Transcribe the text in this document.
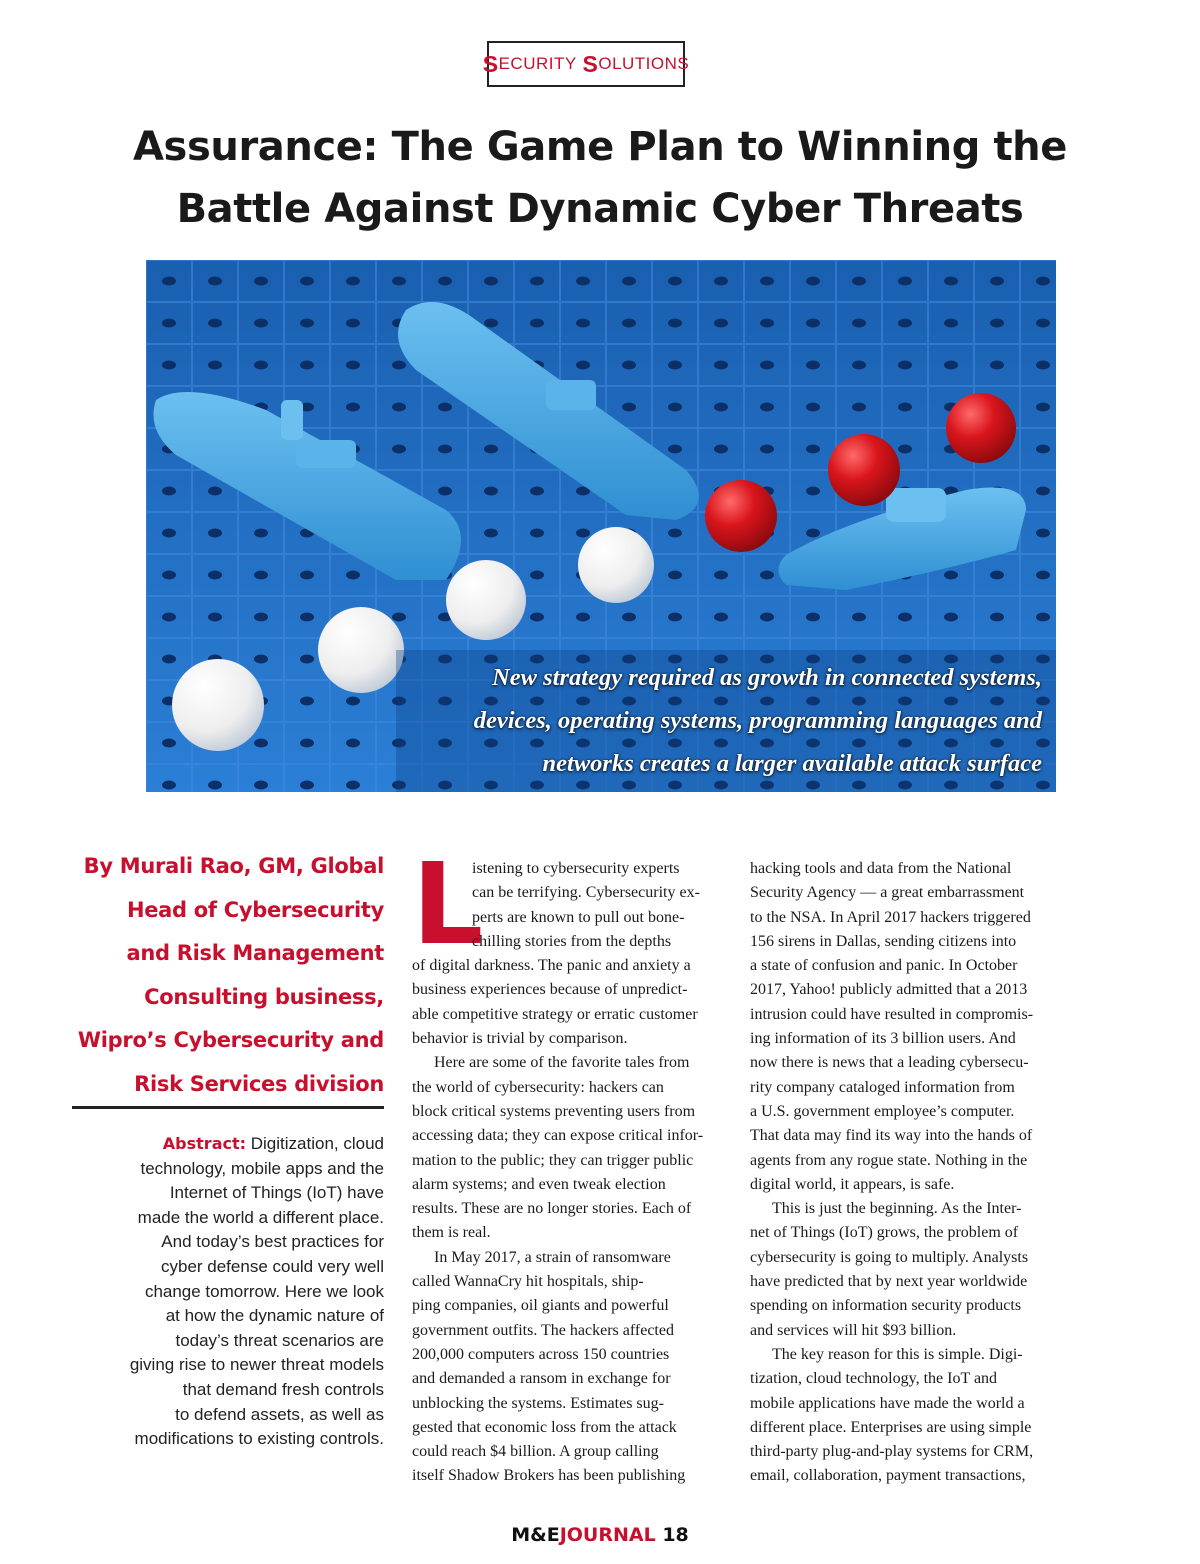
S ECURITY
S OLUTIONS
Assurance: The Game Plan to Winning the
Battle Against Dynamic Cyber Threats
New strategy required as growth in connected systems,
devices, operating systems, programming languages and
networks creates a larger available attack surface

By Murali Rao, GM, Global
Head of Cybersecurity
and Risk Management
Consulting business,
Wipro’s Cybersecurity and
Risk Services division

Abstract: Digitization, cloud
technology, mobile apps and the
Internet of Things (IoT) have
made the world a different place.
And today’s best practices for
cyber defense could very well
change tomorrow. Here we look
at how the dynamic nature of
today’s threat scenarios are
giving rise to newer threat models
that demand fresh controls
to defend assets, as well as
modifications to existing controls.

L
istening to cybersecurity experts
can be terrifying. Cybersecurity ex-
perts are known to pull out bone-
chilling stories from the depths
of digital darkness. The panic and anxiety a
business experiences because of unpredict-
able competitive strategy or erratic customer
behavior is trivial by comparison.
Here are some of the favorite tales from
the world of cybersecurity: hackers can
block critical systems preventing users from
accessing data; they can expose critical infor-
mation to the public; they can trigger public
alarm systems; and even tweak election
results. These are no longer stories. Each of
them is real.
In May 2017, a strain of ransomware
called WannaCry hit hospitals, ship-
ping companies, oil giants and powerful
government outfits. The hackers affected
200,000 computers across 150 countries
and demanded a ransom in exchange for
unblocking the systems. Estimates sug-
gested that economic loss from the attack
could reach $4 billion. A group calling
itself Shadow Brokers has been publishing
hacking tools and data from the National
Security Agency — a great embarrassment
to the NSA. In April 2017 hackers triggered
156 sirens in Dallas, sending citizens into
a state of confusion and panic. In October
2017, Yahoo! publicly admitted that a 2013
intrusion could have resulted in compromis-
ing information of its 3 billion users. And
now there is news that a leading cybersecu-
rity company cataloged information from
a U.S. government employee’s computer.
That data may find its way into the hands of
agents from any rogue state. Nothing in the
digital world, it appears, is safe.
This is just the beginning. As the Inter-
net of Things (IoT) grows, the problem of
cybersecurity is going to multiply. Analysts
have predicted that by next year worldwide
spending on information security products
and services will hit $93 billion.
The key reason for this is simple. Digi-
tization, cloud technology, the IoT and
mobile applications have made the world a
different place. Enterprises are using simple
third-party plug-and-play systems for CRM,
email, collaboration, payment transactions,
M&EJOURNAL 18
